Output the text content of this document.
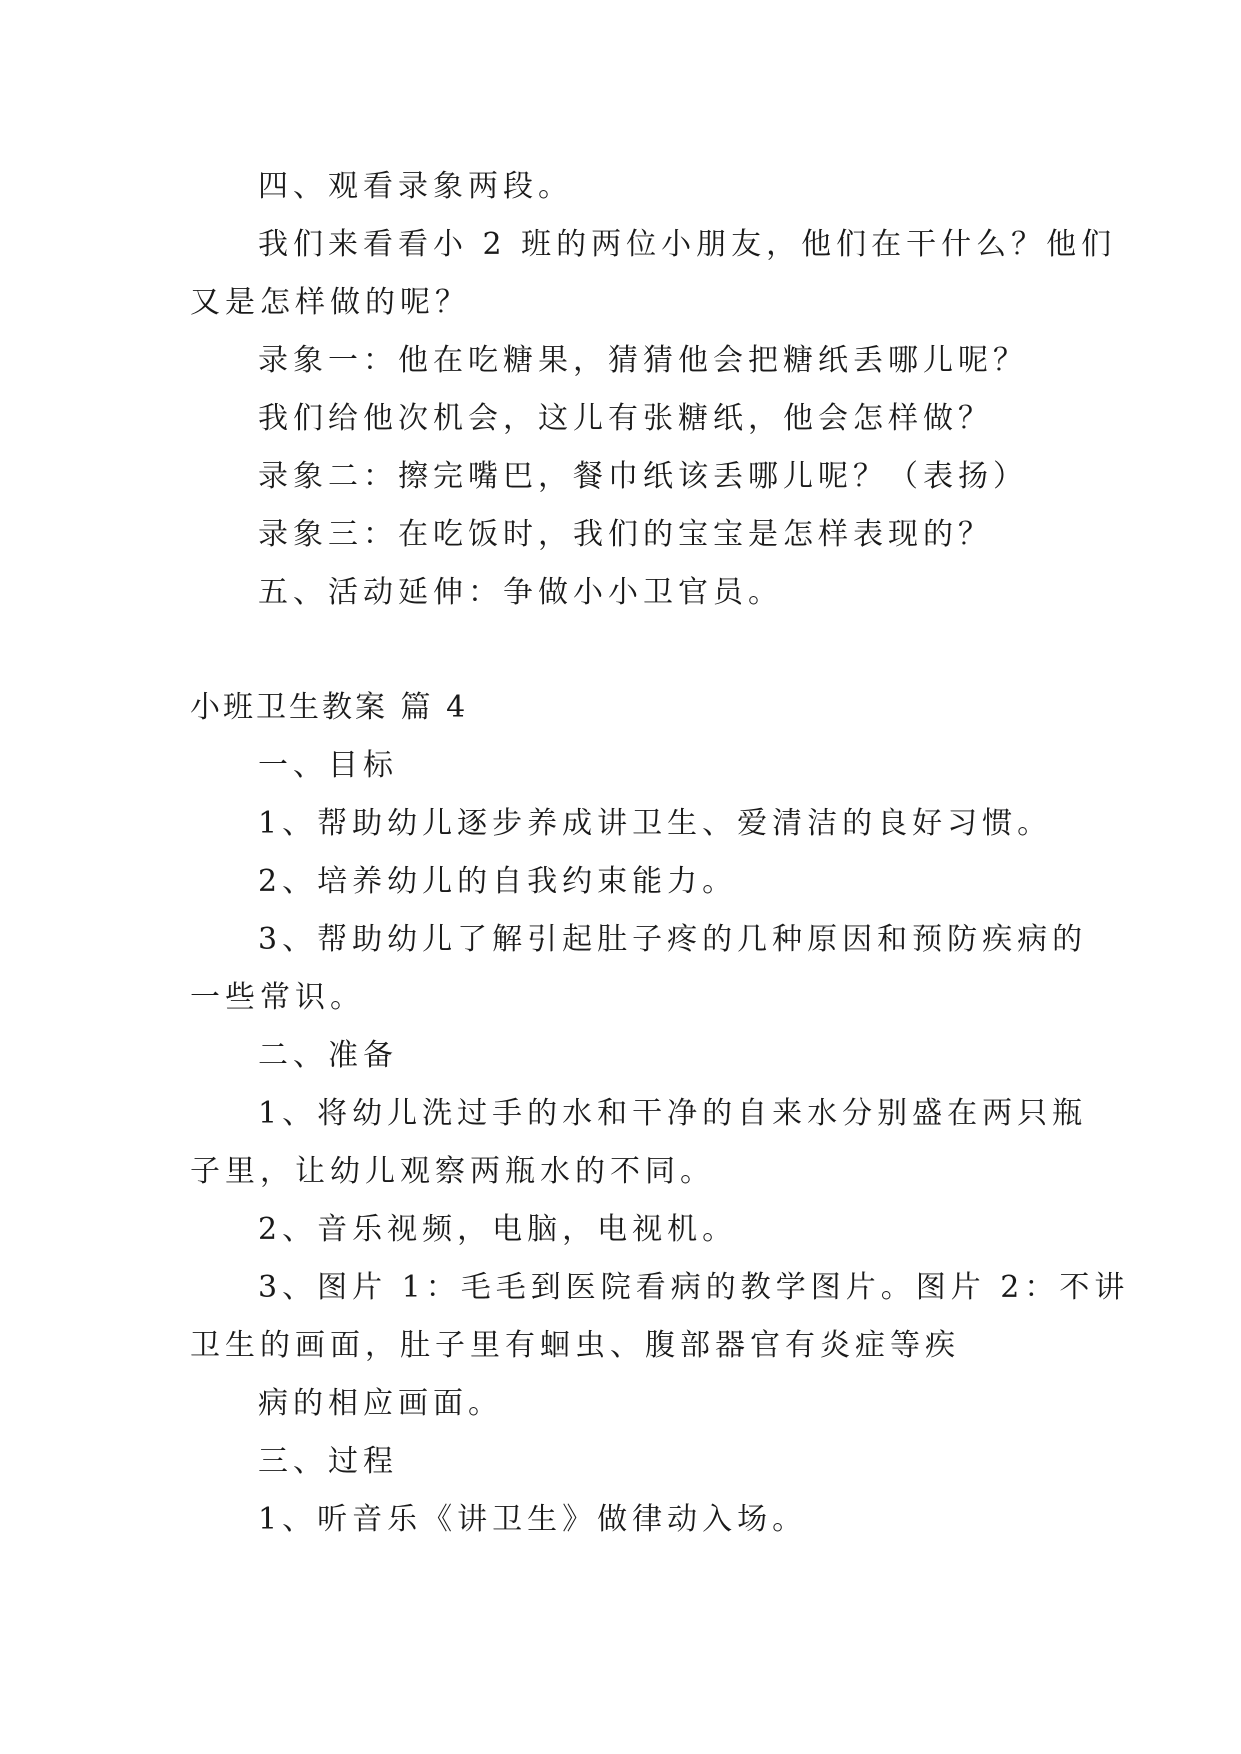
四、观看录象两段。
我们来看看小 2 班的两位小朋友，他们在干什么？他们
又是怎样做的呢？
录象一：他在吃糖果，猜猜他会把糖纸丢哪儿呢？
我们给他次机会，这儿有张糖纸，他会怎样做？
录象二：擦完嘴巴，餐巾纸该丢哪儿呢？（表扬）
录象三：在吃饭时，我们的宝宝是怎样表现的？
五、活动延伸：争做小小卫官员。
小班卫生教案 篇 4
一、目标
1、帮助幼儿逐步养成讲卫生、爱清洁的良好习惯。
2、培养幼儿的自我约束能力。
3、帮助幼儿了解引起肚子疼的几种原因和预防疾病的
一些常识。
二、准备
1、将幼儿洗过手的水和干净的自来水分别盛在两只瓶
子里，让幼儿观察两瓶水的不同。
2、音乐视频，电脑，电视机。
3、图片 1：毛毛到医院看病的教学图片。图片 2：不讲
卫生的画面，肚子里有蛔虫、腹部器官有炎症等疾
病的相应画面。
三、过程
1、听音乐《讲卫生》做律动入场。
